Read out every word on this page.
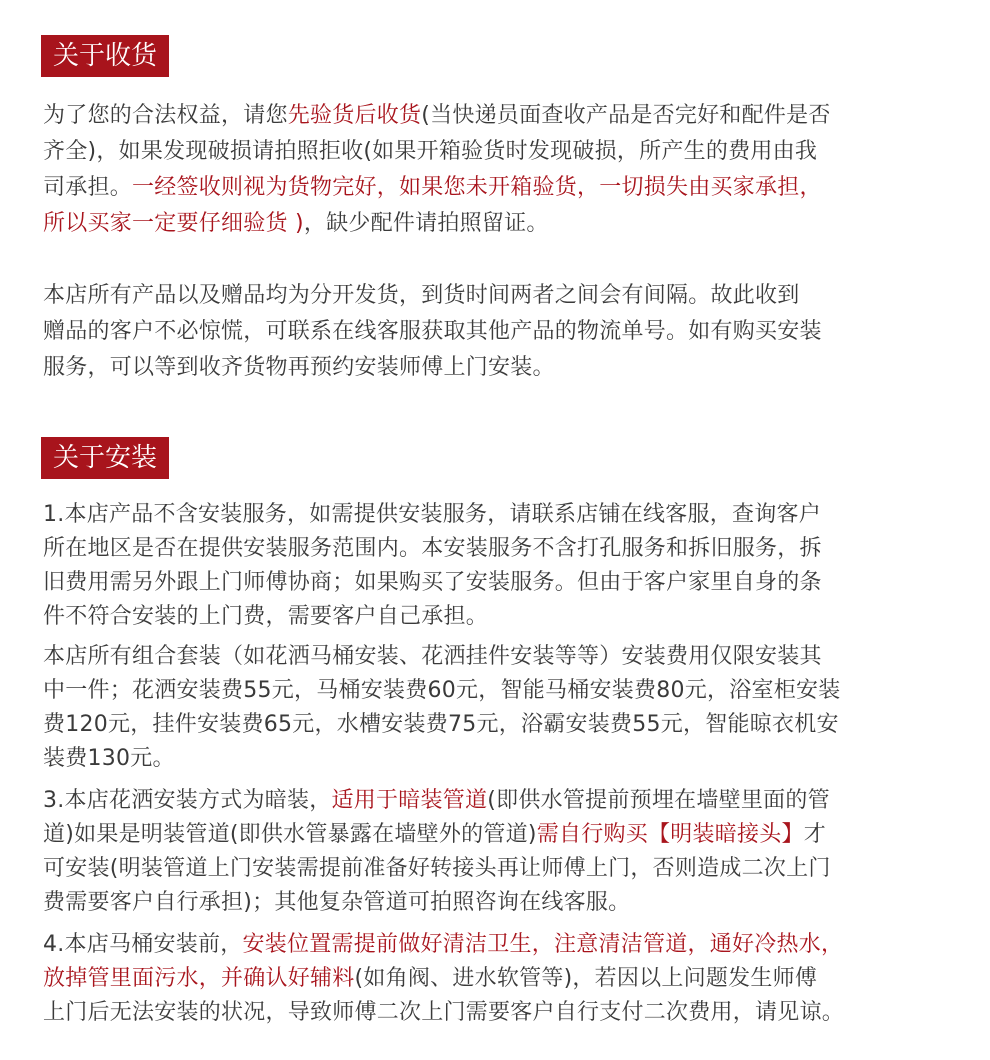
关于收货
为了您的合法权益，请您先验货后收货(当快递员面查收产品是否完好和配件是否
齐全)，如果发现破损请拍照拒收(如果开箱验货时发现破损，所产生的费用由我
司承担。一经签收则视为货物完好，如果您未开箱验货，一切损失由买家承担，
所以买家一定要仔细验货 )，缺少配件请拍照留证。
本店所有产品以及赠品均为分开发货，到货时间两者之间会有间隔。故此收到
赠品的客户不必惊慌，可联系在线客服获取其他产品的物流单号。如有购买安装
服务，可以等到收齐货物再预约安装师傅上门安装。
关于安装
1.本店产品不含安装服务，如需提供安装服务，请联系店铺在线客服，查询客户
所在地区是否在提供安装服务范围内。本安装服务不含打孔服务和拆旧服务，拆
旧费用需另外跟上门师傅协商；如果购买了安装服务。但由于客户家里自身的条
件不符合安装的上门费，需要客户自己承担。
本店所有组合套装（如花洒马桶安装、花洒挂件安装等等）安装费用仅限安装其
中一件；花洒安装费55元，马桶安装费60元，智能马桶安装费80元，浴室柜安装
费120元，挂件安装费65元，水槽安装费75元，浴霸安装费55元，智能晾衣机安
装费130元。
3.本店花洒安装方式为暗装，适用于暗装管道(即供水管提前预埋在墙壁里面的管
道)如果是明装管道(即供水管暴露在墙壁外的管道)需自行购买【明装暗接头】才
可安装(明装管道上门安装需提前准备好转接头再让师傅上门，否则造成二次上门
费需要客户自行承担)；其他复杂管道可拍照咨询在线客服。
4.本店马桶安装前，安装位置需提前做好清洁卫生，注意清洁管道，通好冷热水，
放掉管里面污水，并确认好辅料(如角阀、进水软管等)，若因以上问题发生师傅
上门后无法安装的状况，导致师傅二次上门需要客户自行支付二次费用，请见谅。
